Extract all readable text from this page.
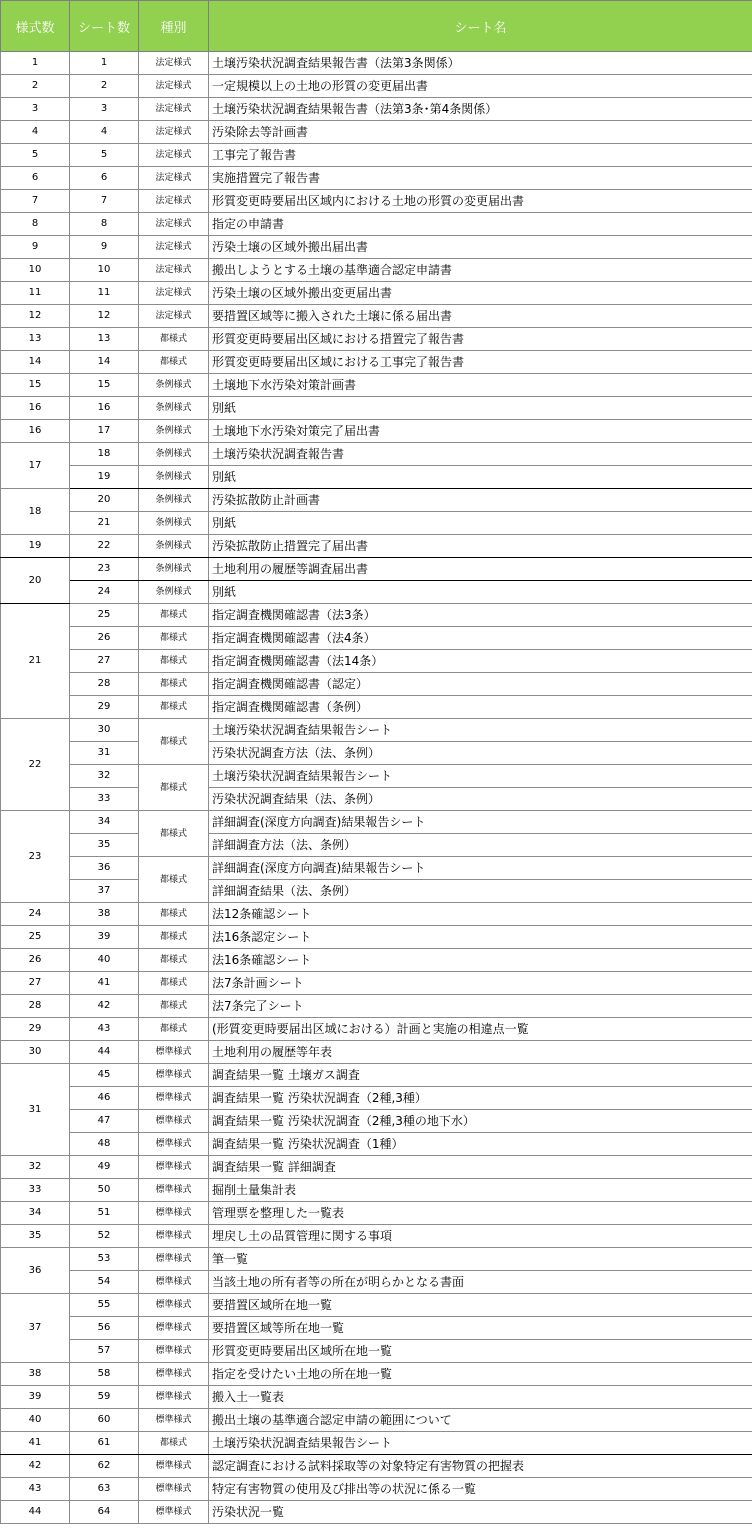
様式数	シート数	種別	シート名
1	1	法定様式	土壌汚染状況調査結果報告書（法第3条関係）
2	2	法定様式	一定規模以上の土地の形質の変更届出書
3	3	法定様式	土壌汚染状況調査結果報告書（法第3条･第4条関係）
4	4	法定様式	汚染除去等計画書
5	5	法定様式	工事完了報告書
6	6	法定様式	実施措置完了報告書
7	7	法定様式	形質変更時要届出区域内における土地の形質の変更届出書
8	8	法定様式	指定の申請書
9	9	法定様式	汚染土壌の区域外搬出届出書
10	10	法定様式	搬出しようとする土壌の基準適合認定申請書
11	11	法定様式	汚染土壌の区域外搬出変更届出書
12	12	法定様式	要措置区域等に搬入された土壌に係る届出書
13	13	都様式	形質変更時要届出区域における措置完了報告書
14	14	都様式	形質変更時要届出区域における工事完了報告書
15	15	条例様式	土壌地下水汚染対策計画書
16	16	条例様式	別紙
16	17	条例様式	土壌地下水汚染対策完了届出書
17	18	条例様式	土壌汚染状況調査報告書
	19	条例様式	別紙
18	20	条例様式	汚染拡散防止計画書
	21	条例様式	別紙
19	22	条例様式	汚染拡散防止措置完了届出書
20	23	条例様式	土地利用の履歴等調査届出書
	24	条例様式	別紙
21	25	都様式	指定調査機関確認書（法3条）
	26	都様式	指定調査機関確認書（法4条）
	27	都様式	指定調査機関確認書（法14条）
	28	都様式	指定調査機関確認書（認定）
	29	都様式	指定調査機関確認書（条例）
22	30	都様式	土壌汚染状況調査結果報告シート
	31		汚染状況調査方法（法、条例）
	32	都様式	土壌汚染状況調査結果報告シート
	33		汚染状況調査結果（法、条例）
23	34	都様式	詳細調査(深度方向調査)結果報告シート
	35		詳細調査方法（法、条例）
	36	都様式	詳細調査(深度方向調査)結果報告シート
	37		詳細調査結果（法、条例）
24	38	都様式	法12条確認シート
25	39	都様式	法16条認定シート
26	40	都様式	法16条確認シート
27	41	都様式	法7条計画シート
28	42	都様式	法7条完了シート
29	43	都様式	(形質変更時要届出区域における）計画と実施の相違点一覧
30	44	標準様式	土地利用の履歴等年表
31	45	標準様式	調査結果一覧 土壌ガス調査
	46	標準様式	調査結果一覧 汚染状況調査（2種,3種）
	47	標準様式	調査結果一覧 汚染状況調査（2種,3種の地下水）
	48	標準様式	調査結果一覧 汚染状況調査（1種）
32	49	標準様式	調査結果一覧 詳細調査
33	50	標準様式	掘削土量集計表
34	51	標準様式	管理票を整理した一覧表
35	52	標準様式	埋戻し土の品質管理に関する事項
36	53	標準様式	筆一覧
	54	標準様式	当該土地の所有者等の所在が明らかとなる書面
37	55	標準様式	要措置区域所在地一覧
	56	標準様式	要措置区域等所在地一覧
	57	標準様式	形質変更時要届出区域所在地一覧
38	58	標準様式	指定を受けたい土地の所在地一覧
39	59	標準様式	搬入土一覧表
40	60	標準様式	搬出土壌の基準適合認定申請の範囲について
41	61	都様式	土壌汚染状況調査結果報告シート
42	62	標準様式	認定調査における試料採取等の対象特定有害物質の把握表
43	63	標準様式	特定有害物質の使用及び排出等の状況に係る一覧
44	64	標準様式	汚染状況一覧
